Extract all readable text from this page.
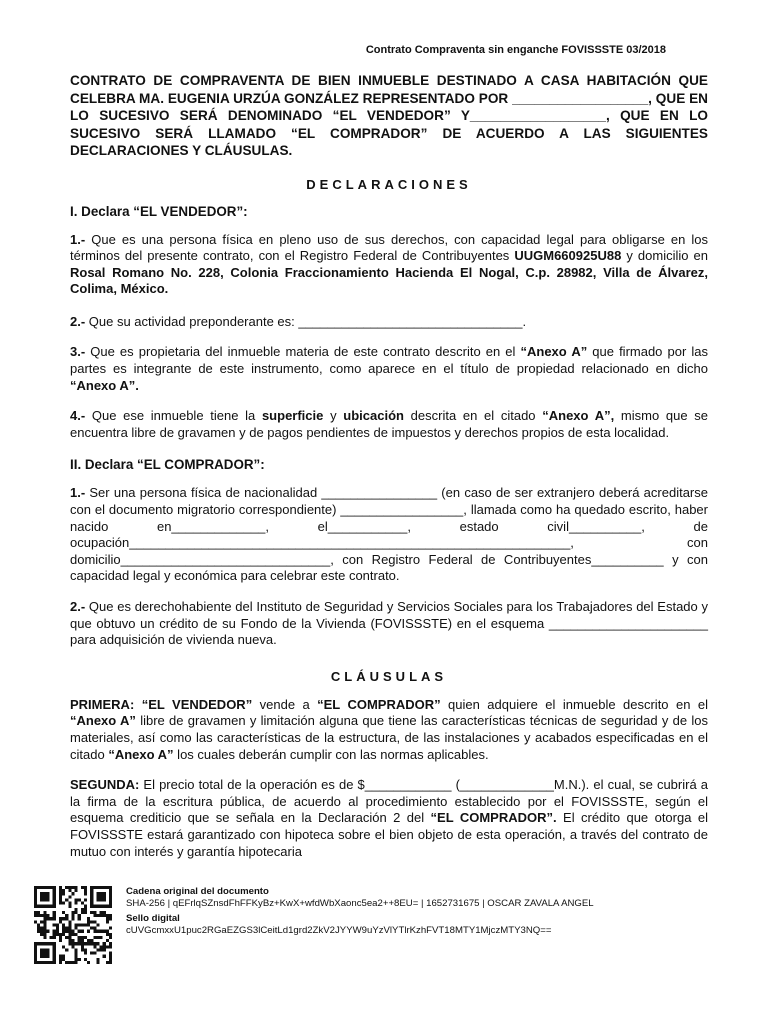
Contrato Compraventa sin enganche FOVISSSTE 03/2018

CONTRATO DE COMPRAVENTA DE BIEN INMUEBLE DESTINADO A CASA HABITACIÓN QUE CELEBRA MA. EUGENIA URZÚA GONZÁLEZ REPRESENTADO POR __________________, QUE EN LO SUCESIVO SERÁ DENOMINADO “EL VENDEDOR” Y__________________, QUE EN LO SUCESIVO SERÁ LLAMADO “EL COMPRADOR” DE ACUERDO A LAS SIGUIENTES DECLARACIONES Y CLÁUSULAS.

DECLARACIONES

I. Declara “EL VENDEDOR”:

1.- Que es una persona física en pleno uso de sus derechos, con capacidad legal para obligarse en los términos del presente contrato, con el Registro Federal de Contribuyentes UUGM660925U88 y domicilio en Rosal Romano No. 228, Colonia Fraccionamiento Hacienda El Nogal, C.p. 28982, Villa de Álvarez, Colima, México.

2.- Que su actividad preponderante es: _______________________________.

3.- Que es propietaria del inmueble materia de este contrato descrito en el “Anexo A” que firmado por las partes es integrante de este instrumento, como aparece en el título de propiedad relacionado en dicho “Anexo A”.

4.- Que ese inmueble tiene la superficie y ubicación descrita en el citado “Anexo A”, mismo que se encuentra libre de gravamen y de pagos pendientes de impuestos y derechos propios de esta localidad.

II. Declara “EL COMPRADOR”:

1.- Ser una persona física de nacionalidad ________________ (en caso de ser extranjero deberá acreditarse con el documento migratorio correspondiente) _________________, llamada como ha quedado escrito, haber nacido en_____________, el___________, estado civil__________, de ocupación_____________________________________________________________, con domicilio_____________________________, con Registro Federal de Contribuyentes__________ y con capacidad legal y económica para celebrar este contrato.

2.- Que es derechohabiente del Instituto de Seguridad y Servicios Sociales para los Trabajadores del Estado y que obtuvo un crédito de su Fondo de la Vivienda (FOVISSSTE) en el esquema ______________________ para adquisición de vivienda nueva.

CLÁUSULAS

PRIMERA: “EL VENDEDOR” vende a “EL COMPRADOR” quien adquiere el inmueble descrito en el “Anexo A” libre de gravamen y limitación alguna que tiene las características técnicas de seguridad y de los materiales, así como las características de la estructura, de las instalaciones y acabados especificadas en el citado “Anexo A” los cuales deberán cumplir con las normas aplicables.

SEGUNDA: El precio total de la operación es de $____________ (_____________M.N.). el cual, se cubrirá a la firma de la escritura pública, de acuerdo al procedimiento establecido por el FOVISSSTE, según el esquema crediticio que se señala en la Declaración 2 del “EL COMPRADOR”. El crédito que otorga el FOVISSSTE estará garantizado con hipoteca sobre el bien objeto de esta operación, a través del contrato de mutuo con interés y garantía hipotecaria

Cadena original del documento
SHA-256 | qEFrlqSZnsdFhFFKyBz+KwX+wfdWbXaonc5ea2++8EU= | 1652731675 | OSCAR ZAVALA ANGEL
Sello digital
cUVGcmxxU1puc2RGaEZGS3lCeitLd1grd2ZkV2JYYW9uYzVlYTlrKzhFVT18MTY1MjczMTY3NQ==
